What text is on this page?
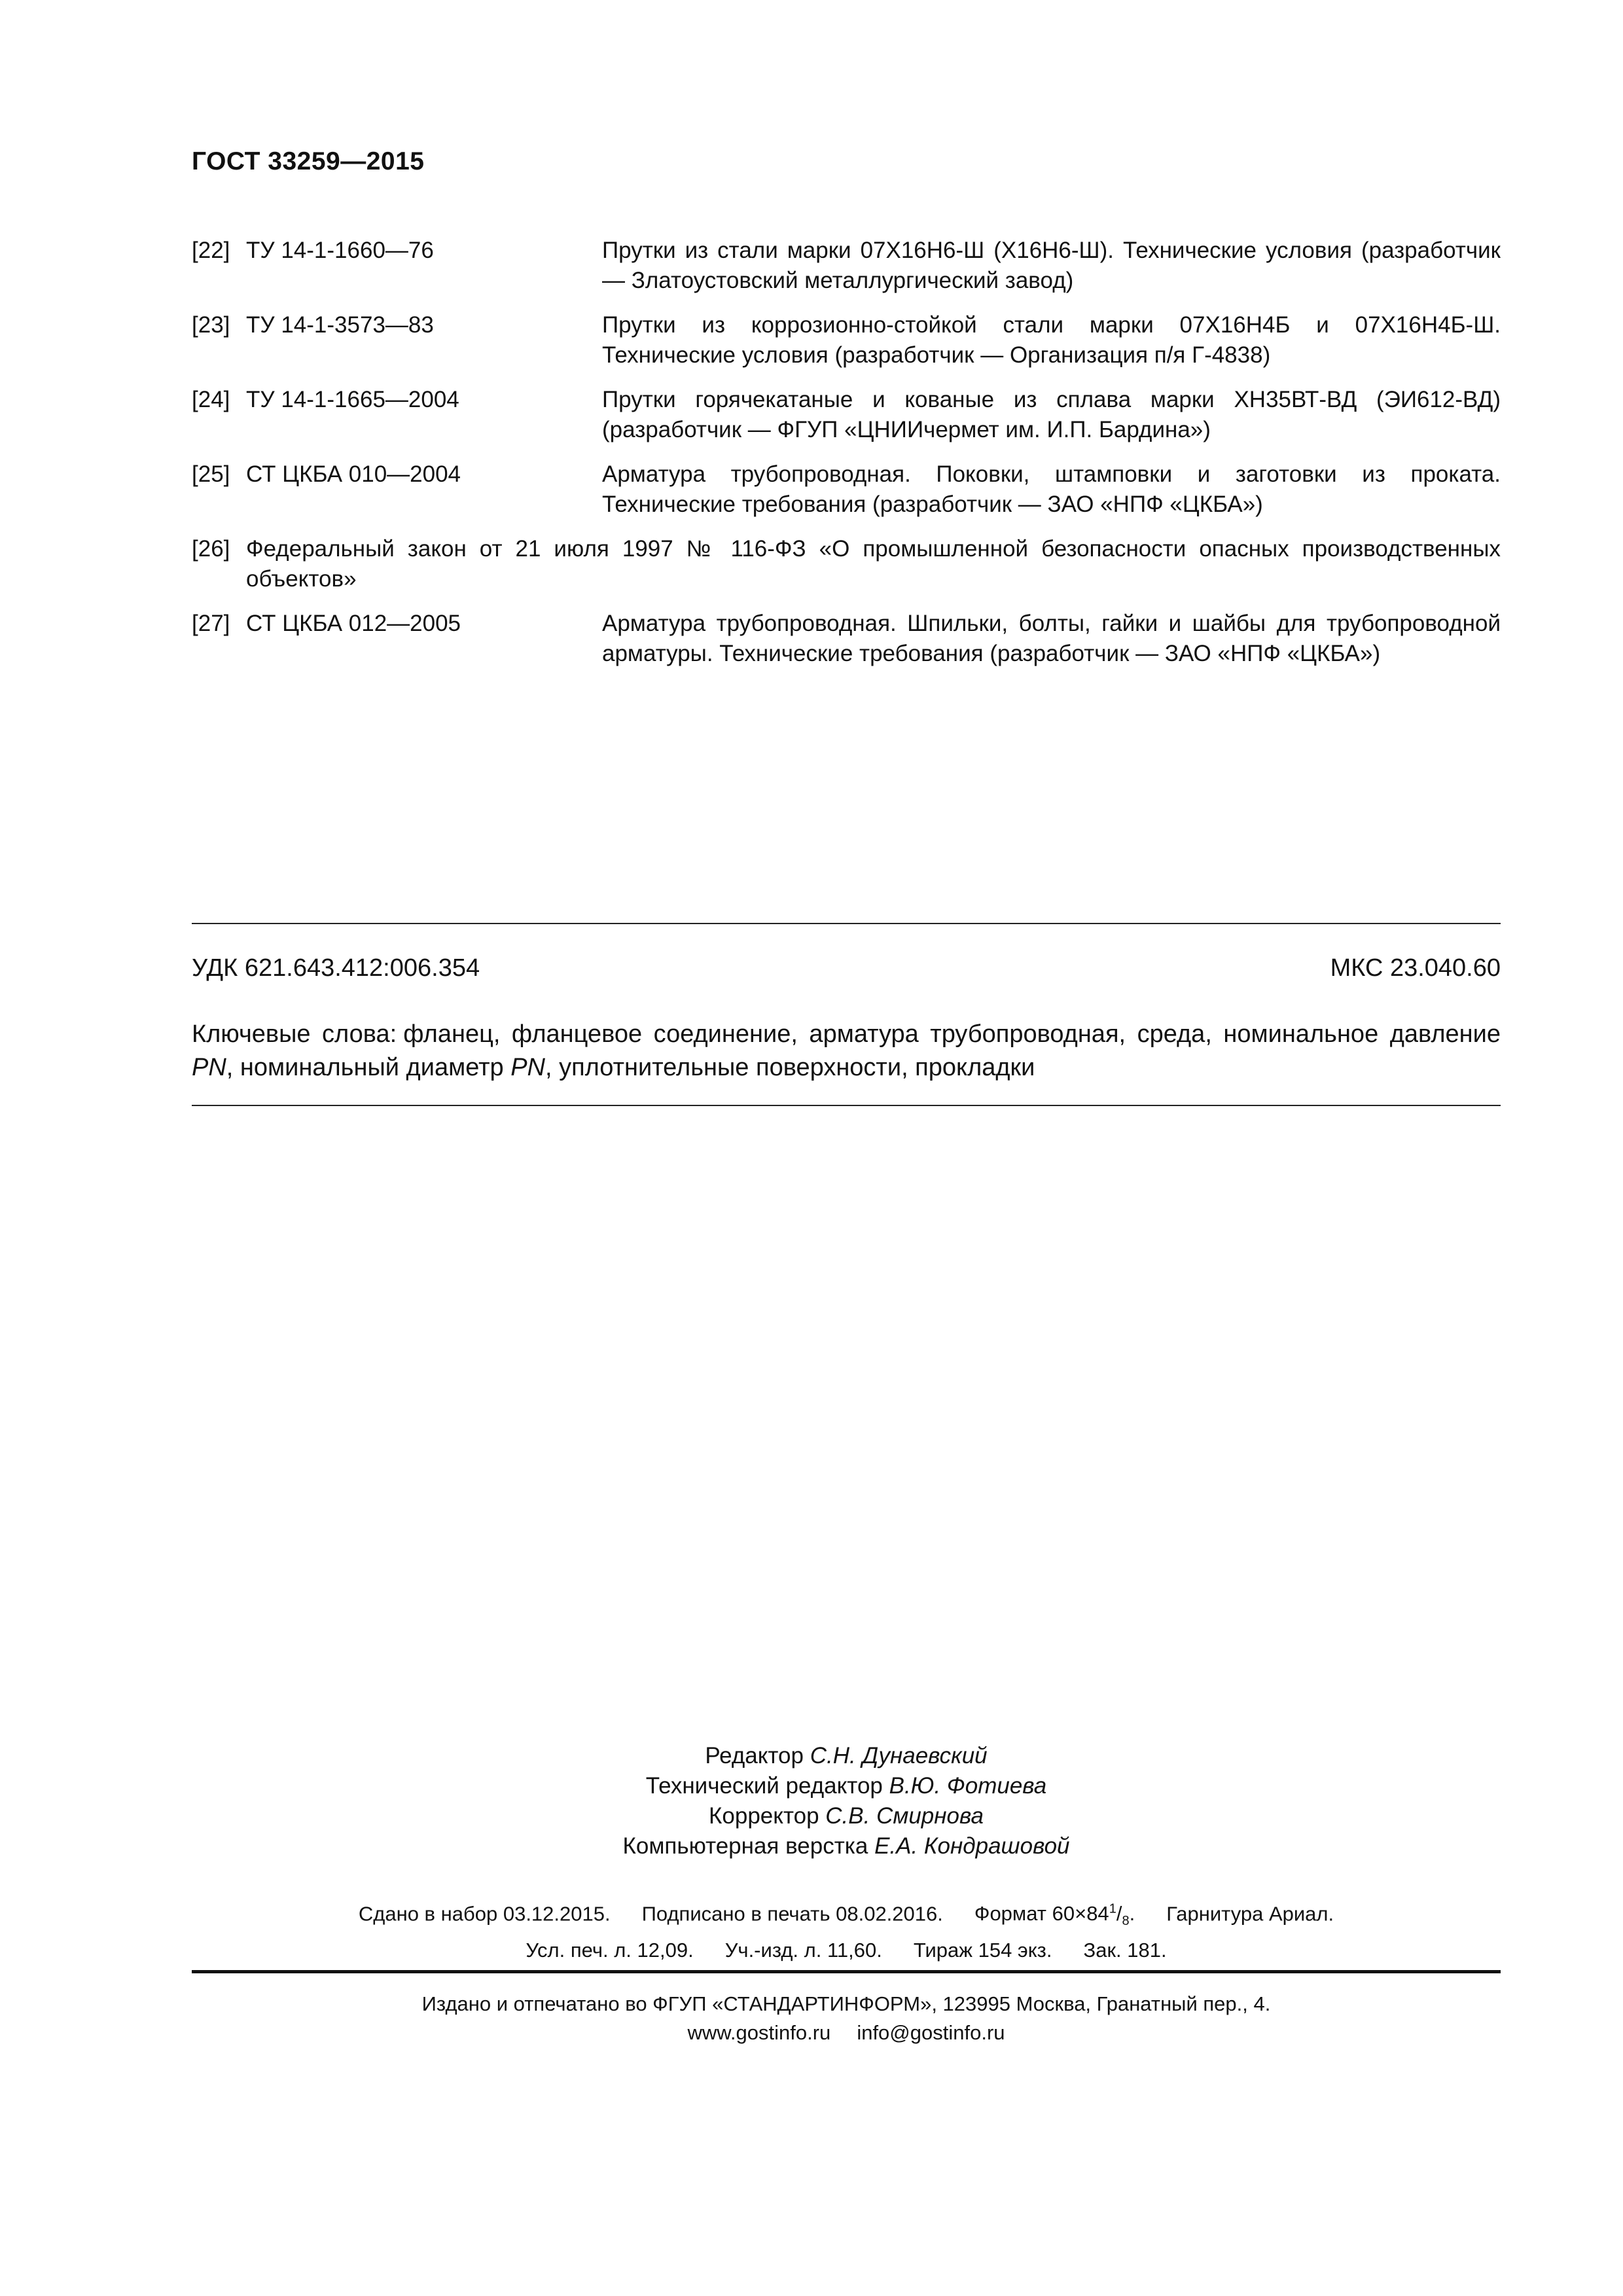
ГОСТ 33259—2015
[22] ТУ 14-1-1660—76	Прутки из стали марки 07Х16Н6-Ш (Х16Н6-Ш). Технические условия (разработчик — Златоустовский металлургический завод)
[23] ТУ 14-1-3573—83	Прутки из коррозионно-стойкой стали марки 07Х16Н4Б и 07Х16Н4Б-Ш. Технические условия (разработчик — Организация п/я Г-4838)
[24] ТУ 14-1-1665—2004	Прутки горячекатаные и кованые из сплава марки ХН35ВТ-ВД (ЭИ612-ВД) (разработчик — ФГУП «ЦНИИчермет им. И.П. Бардина»)
[25] СТ ЦКБА 010—2004	Арматура трубопроводная. Поковки, штамповки и заготовки из проката. Технические требования (разработчик — ЗАО «НПФ «ЦКБА»)
[26] Федеральный закон от 21 июля 1997 № 116-ФЗ «О промышленной безопасности опасных производственных объектов»
[27] СТ ЦКБА 012—2005	Арматура трубопроводная. Шпильки, болты, гайки и шайбы для трубопроводной арматуры. Технические требования (разработчик — ЗАО «НПФ «ЦКБА»)
УДК 621.643.412:006.354	МКС 23.040.60
Ключевые слова: фланец, фланцевое соединение, арматура трубопроводная, среда, номинальное давление PN, номинальный диаметр PN, уплотнительные поверхности, прокладки
Редактор С.Н. Дунаевский
Технический редактор В.Ю. Фотиева
Корректор С.В. Смирнова
Компьютерная верстка Е.А. Кондрашовой
Сдано в набор 03.12.2015. Подписано в печать 08.02.2016. Формат $60\times 84^1/_8$. Гарнитура Ариал.
Усл. печ. л. 12,09. Уч.-изд. л. 11,60. Тираж 154 экз. Зак. 181.
Издано и отпечатано во ФГУП «СТАНДАРТИНФОРМ», 123995 Москва, Гранатный пер., 4.
www.gostinfo.ru info@gostinfo.ru
